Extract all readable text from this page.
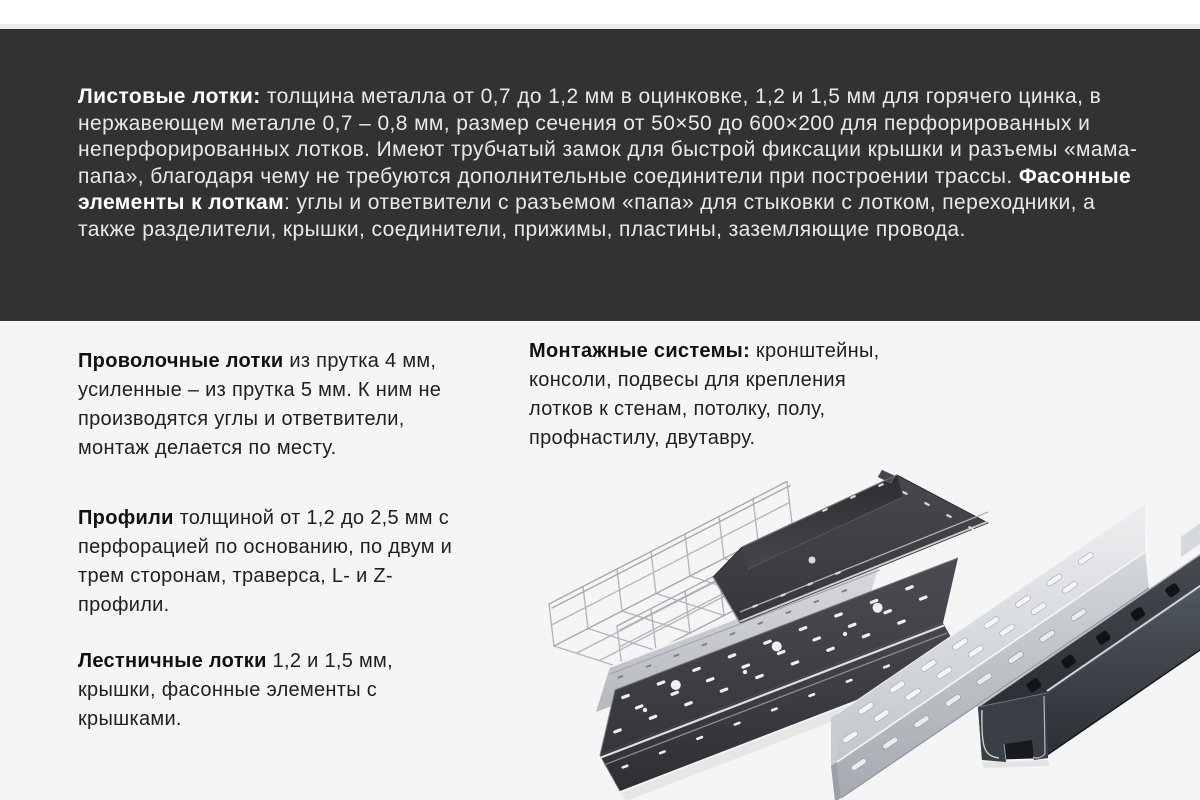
Листовые лотки: толщина металла от 0,7 до 1,2 мм в оцинковке, 1,2 и 1,5 мм для горячего цинка, в нержавеющем металле 0,7 – 0,8 мм, размер сечения от 50×50 до 600×200 для перфорированных и неперфорированных лотков. Имеют трубчатый замок для быстрой фиксации крышки и разъемы «мама-папа», благодаря чему не требуются дополнительные соединители при построении трассы. Фасонные элементы к лоткам: углы и ответвители с разъемом «папа» для стыковки с лотком, переходники, а также разделители, крышки, соединители, прижимы, пластины, заземляющие провода.

Проволочные лотки из прутка 4 мм, усиленные – из прутка 5 мм. К ним не производятся углы и ответвители, монтаж делается по месту.

Монтажные системы: кронштейны, консоли, подвесы для крепления лотков к стенам, потолку, полу, профнастилу, двутавру.

Профили толщиной от 1,2 до 2,5 мм с перфорацией по основанию, по двум и трем сторонам, траверса, L- и Z- профили.

Лестничные лотки 1,2 и 1,5 мм, крышки, фасонные элементы с крышками.
